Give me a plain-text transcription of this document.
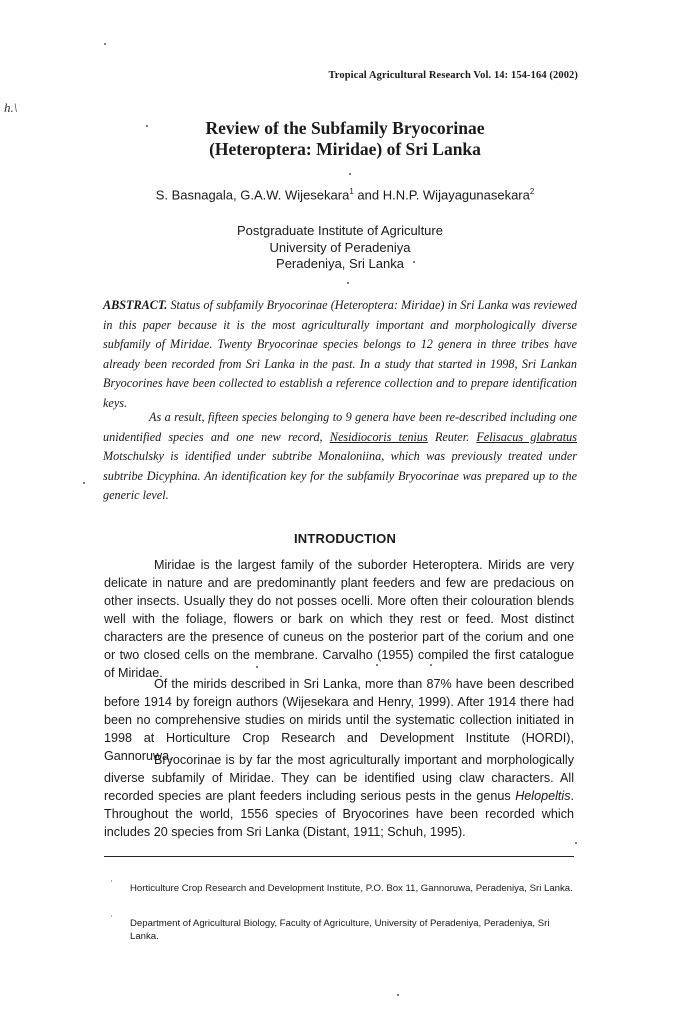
Tropical Agricultural Research Vol. 14: 154-164 (2002)
h.\
Review of the Subfamily Bryocorinae
(Heteroptera: Miridae) of Sri Lanka
S. Basnagala, G.A.W. Wijesekara$^1$ and H.N.P. Wijayagunasekara$^2$
Postgraduate Institute of Agriculture
University of Peradeniya
Peradeniya, Sri Lanka
ABSTRACT. Status of subfamily Bryocorinae (Heteroptera: Miridae) in Sri Lanka was reviewed in this paper because it is the most agriculturally important and morphologically diverse subfamily of Miridae. Twenty Bryocorinae species belongs to 12 genera in three tribes have already been recorded from Sri Lanka in the past. In a study that started in 1998, Sri Lankan Bryocorines have been collected to establish a reference collection and to prepare identification keys.
As a result, fifteen species belonging to 9 genera have been re-described including one unidentified species and one new record, Nesidiocoris tenius Reuter. Felisacus glabratus Motschulsky is identified under subtribe Monaloniina, which was previously treated under subtribe Dicyphina. An identification key for the subfamily Bryocorinae was prepared up to the generic level.
INTRODUCTION
Miridae is the largest family of the suborder Heteroptera. Mirids are very delicate in nature and are predominantly plant feeders and few are predacious on other insects. Usually they do not posses ocelli. More often their colouration blends well with the foliage, flowers or bark on which they rest or feed. Most distinct characters are the presence of cuneus on the posterior part of the corium and one or two closed cells on the membrane. Carvalho (1955) compiled the first catalogue of Miridae.
Of the mirids described in Sri Lanka, more than 87% have been described before 1914 by foreign authors (Wijesekara and Henry, 1999). After 1914 there had been no comprehensive studies on mirids until the systematic collection initiated in 1998 at Horticulture Crop Research and Development Institute (HORDI), Gannoruwa.
Bryocorinae is by far the most agriculturally important and morphologically diverse subfamily of Miridae. They can be identified using claw characters. All recorded species are plant feeders including serious pests in the genus Helopeltis. Throughout the world, 1556 species of Bryocorines have been recorded which includes 20 species from Sri Lanka (Distant, 1911; Schuh, 1995).
·
Horticulture Crop Research and Development Institute, P.O. Box 11, Gannoruwa, Peradeniya, Sri Lanka.
·
Department of Agricultural Biology, Faculty of Agriculture, University of Peradeniya, Peradeniya, Sri Lanka.
